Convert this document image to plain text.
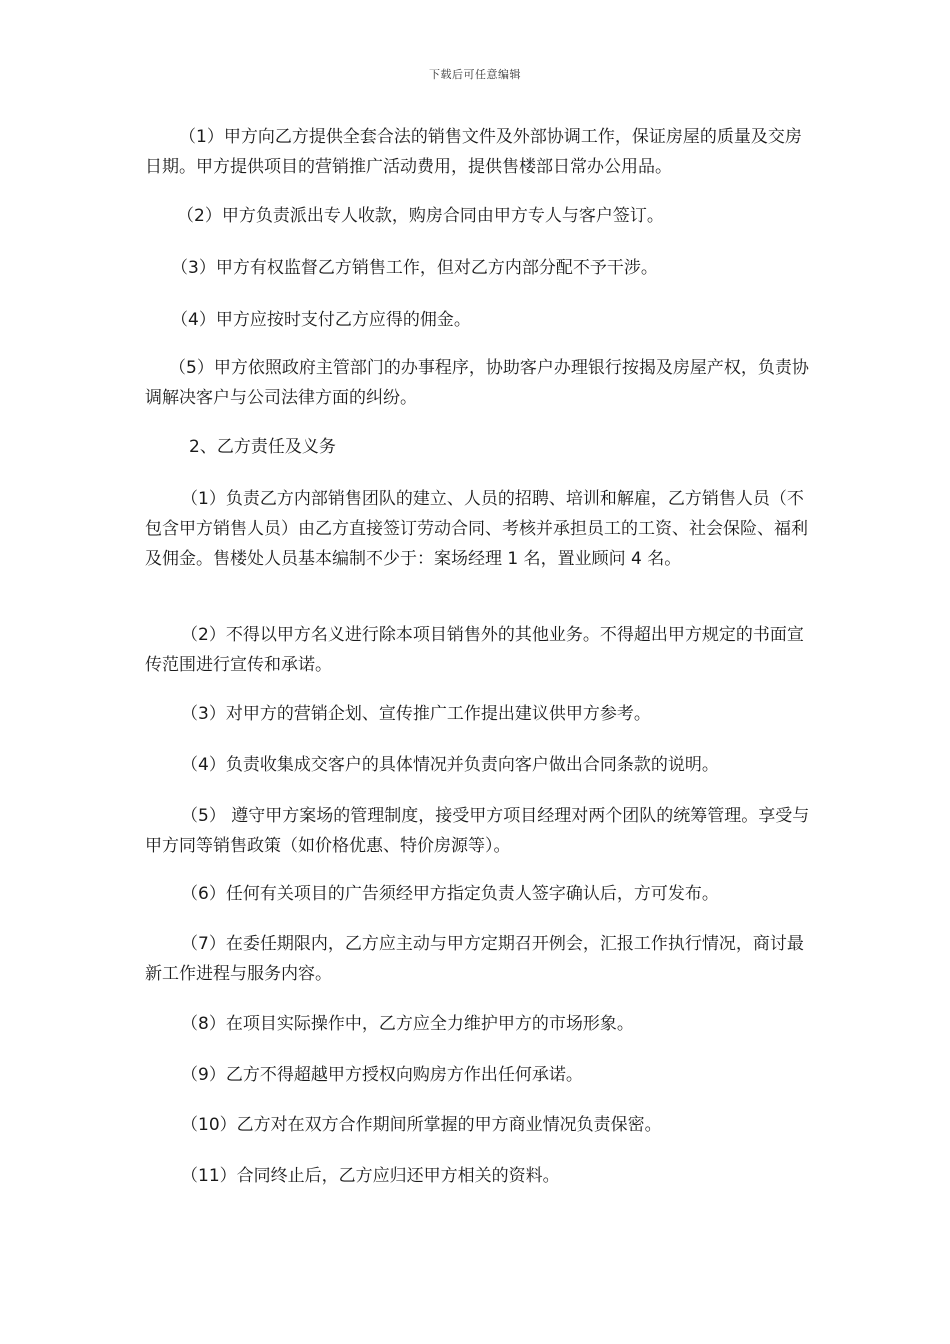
下载后可任意编辑

（1）甲方向乙方提供全套合法的销售文件及外部协调工作，保证房屋的质量及交房日期。甲方提供项目的营销推广活动费用，提供售楼部日常办公用品。

（2）甲方负责派出专人收款，购房合同由甲方专人与客户签订。

（3）甲方有权监督乙方销售工作，但对乙方内部分配不予干涉。

（4）甲方应按时支付乙方应得的佣金。

（5）甲方依照政府主管部门的办事程序，协助客户办理银行按揭及房屋产权，负责协调解决客户与公司法律方面的纠纷。

2、乙方责任及义务

（1）负责乙方内部销售团队的建立、人员的招聘、培训和解雇，乙方销售人员（不包含甲方销售人员）由乙方直接签订劳动合同、考核并承担员工的工资、社会保险、福利及佣金。售楼处人员基本编制不少于：案场经理 1 名，置业顾问 4 名。

（2）不得以甲方名义进行除本项目销售外的其他业务。不得超出甲方规定的书面宣传范围进行宣传和承诺。

（3）对甲方的营销企划、宣传推广工作提出建议供甲方参考。

（4）负责收集成交客户的具体情况并负责向客户做出合同条款的说明。

（5） 遵守甲方案场的管理制度，接受甲方项目经理对两个团队的统筹管理。享受与甲方同等销售政策（如价格优惠、特价房源等）。

（6）任何有关项目的广告须经甲方指定负责人签字确认后，方可发布。

（7）在委任期限内，乙方应主动与甲方定期召开例会，汇报工作执行情况，商讨最新工作进程与服务内容。

（8）在项目实际操作中，乙方应全力维护甲方的市场形象。

（9）乙方不得超越甲方授权向购房方作出任何承诺。

（10）乙方对在双方合作期间所掌握的甲方商业情况负责保密。

（11）合同终止后，乙方应归还甲方相关的资料。
